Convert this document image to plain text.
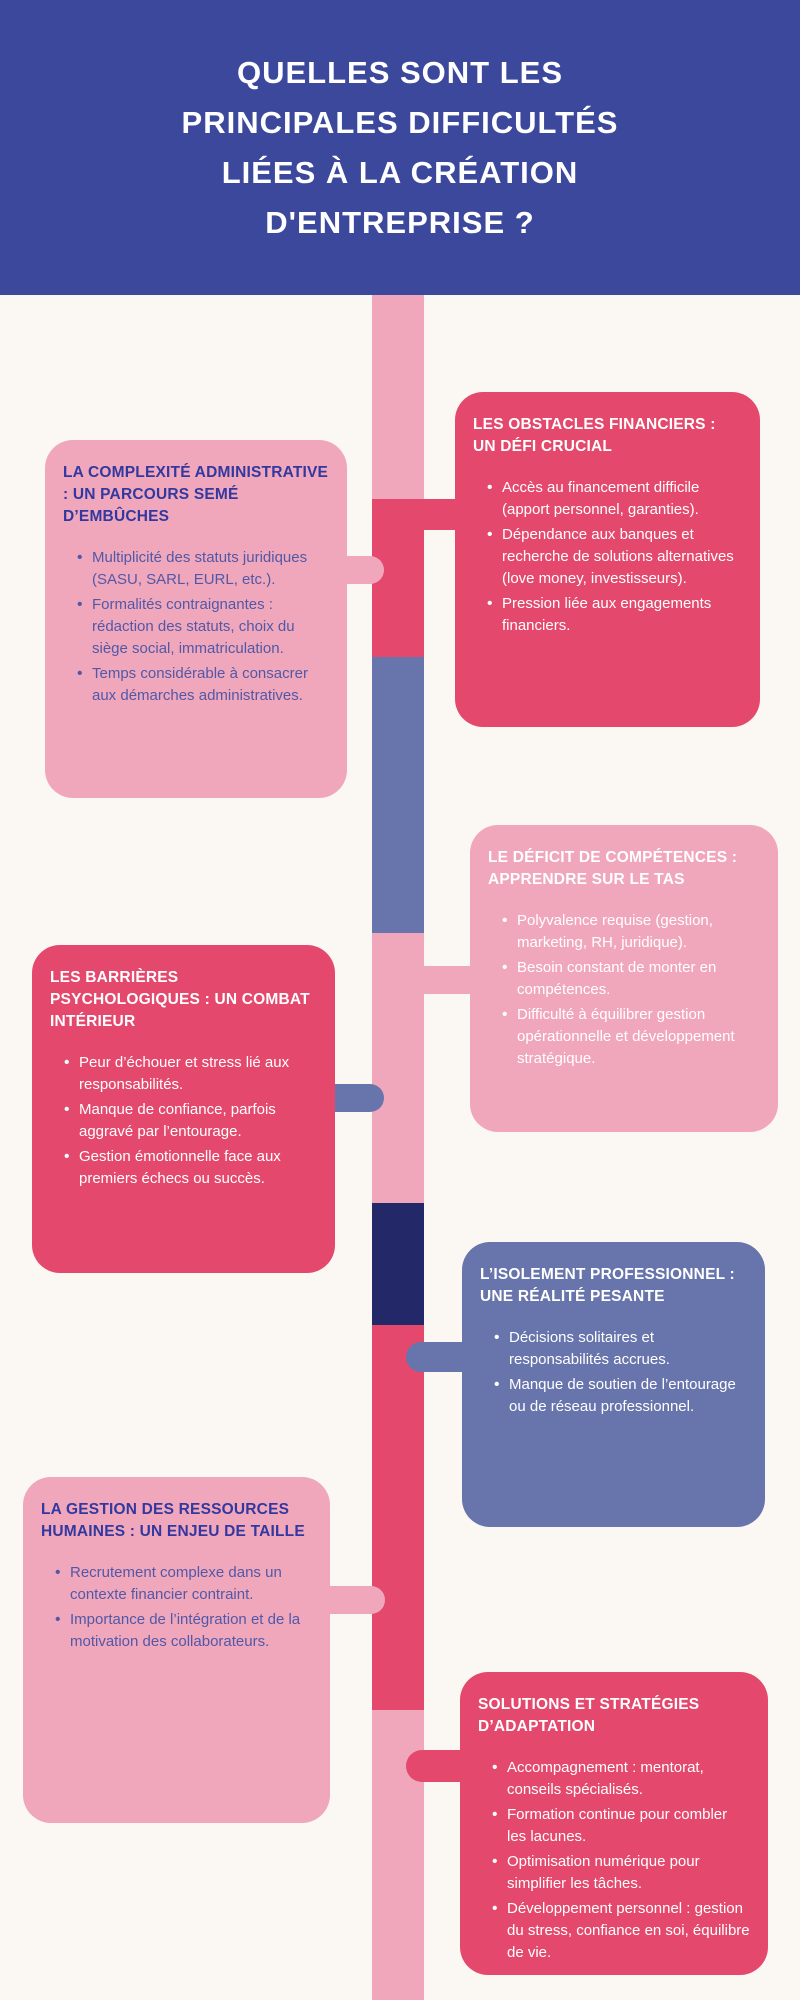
QUELLES SONT LES
PRINCIPALES DIFFICULTÉS
LIÉES À LA CRÉATION
D'ENTREPRISE ?
LA COMPLEXITÉ ADMINISTRATIVE : UN PARCOURS SEMÉ D’EMBÛCHES
• Multiplicité des statuts juridiques (SASU, SARL, EURL, etc.).
• Formalités contraignantes : rédaction des statuts, choix du siège social, immatriculation.
• Temps considérable à consacrer aux démarches administratives.
LES OBSTACLES FINANCIERS : UN DÉFI CRUCIAL
• Accès au financement difficile (apport personnel, garanties).
• Dépendance aux banques et recherche de solutions alternatives (love money, investisseurs).
• Pression liée aux engagements financiers.
LE DÉFICIT DE COMPÉTENCES : APPRENDRE SUR LE TAS
• Polyvalence requise (gestion, marketing, RH, juridique).
• Besoin constant de monter en compétences.
• Difficulté à équilibrer gestion opérationnelle et développement stratégique.
LES BARRIÈRES PSYCHOLOGIQUES : UN COMBAT INTÉRIEUR
• Peur d’échouer et stress lié aux responsabilités.
• Manque de confiance, parfois aggravé par l’entourage.
• Gestion émotionnelle face aux premiers échecs ou succès.
L’ISOLEMENT PROFESSIONNEL : UNE RÉALITÉ PESANTE
• Décisions solitaires et responsabilités accrues.
• Manque de soutien de l’entourage ou de réseau professionnel.
LA GESTION DES RESSOURCES HUMAINES : UN ENJEU DE TAILLE
• Recrutement complexe dans un contexte financier contraint.
• Importance de l’intégration et de la motivation des collaborateurs.
SOLUTIONS ET STRATÉGIES D’ADAPTATION
• Accompagnement : mentorat, conseils spécialisés.
• Formation continue pour combler les lacunes.
• Optimisation numérique pour simplifier les tâches.
• Développement personnel : gestion du stress, confiance en soi, équilibre de vie.
